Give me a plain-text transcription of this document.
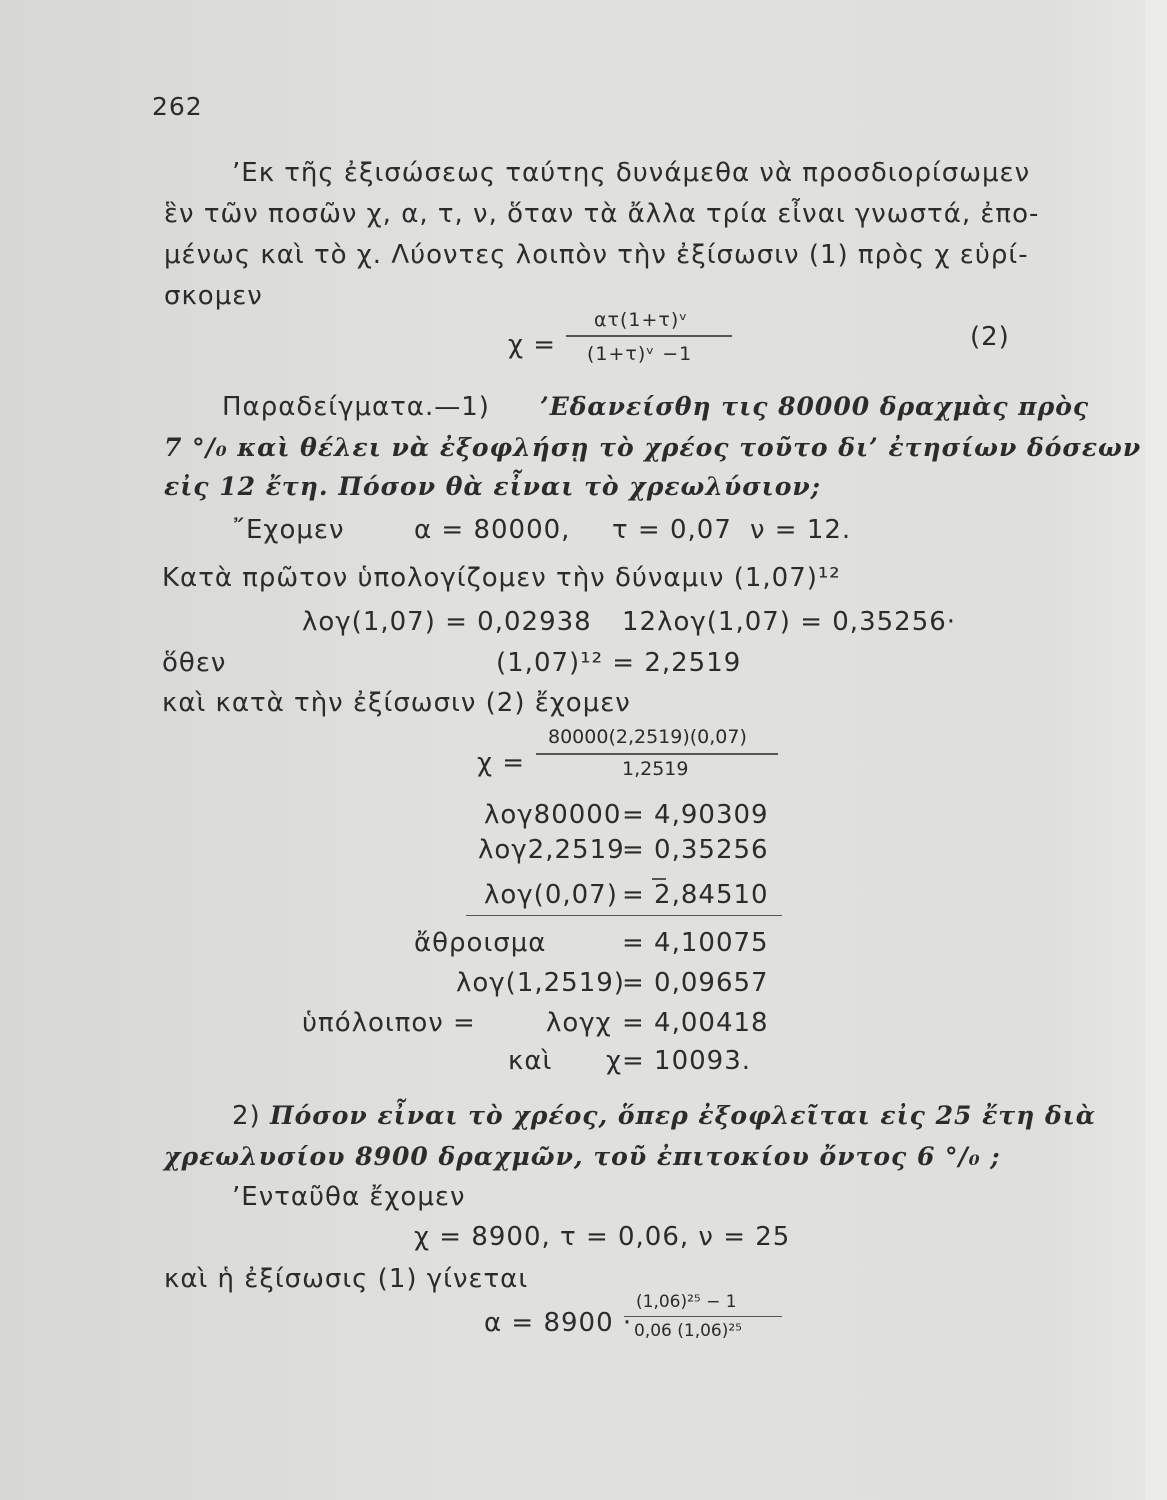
262
’Εκ τῆς ἐξισώσεως ταύτης δυνάμεθα νὰ προσδιορίσωμεν
ἓν τῶν ποσῶν χ, α, τ, ν, ὅταν τὰ ἄλλα τρία εἶναι γνωστά, ἐπο-
μένως καὶ τὸ χ. Λύοντες λοιπὸν τὴν ἐξίσωσιν (1) πρὸς χ εὑρί-
σκομεν
χ =
ατ(1+τ)ᵛ
(1+τ)ᵛ −1
(2)
Παραδείγματα.—1) ’Εδανείσθη τις 80000 δραχμὰς πρὸς
7 °/₀ καὶ θέλει νὰ ἐξοφλήσῃ τὸ χρέος τοῦτο δι’ ἐτησίων δόσεων
εἰς 12 ἔτη. Πόσον θὰ εἶναι τὸ χρεωλύσιον;
῎Εχομεν	α = 80000, τ = 0,07 ν = 12.
Κατὰ πρῶτον ὑπολογίζομεν τὴν δύναμιν (1,07)¹²
λογ(1,07) = 0,02938 12λογ(1,07) = 0,35256·
ὅθεν	(1,07)¹² = 2,2519
καὶ κατὰ τὴν ἐξίσωσιν (2) ἔχομεν
χ =
80000(2,2519)(0,07)
1,2519
λογ80000 = 4,90309
λογ2,2519
= 0,35256
λογ(0,07) = 2,84510
ἄθροισμα	= 4,10075
λογ(1,2519)
= 0,09657
ὑπόλοιπον =	λογχ = 4,00418
καὶ χ = 10093.
2) Πόσον εἶναι τὸ χρέος, ὅπερ ἐξοφλεῖται εἰς 25 ἔτη διὰ
χρεωλυσίου 8900 δραχμῶν, τοῦ ἐπιτοκίου ὄντος 6 °/₀ ;
’Ενταῦθα ἔχομεν
χ = 8900, τ = 0,06, ν = 25
καὶ ἡ ἐξίσωσις (1) γίνεται
α = 8900 ·
(1,06)²⁵ − 1
0,06 (1,06)²⁵
